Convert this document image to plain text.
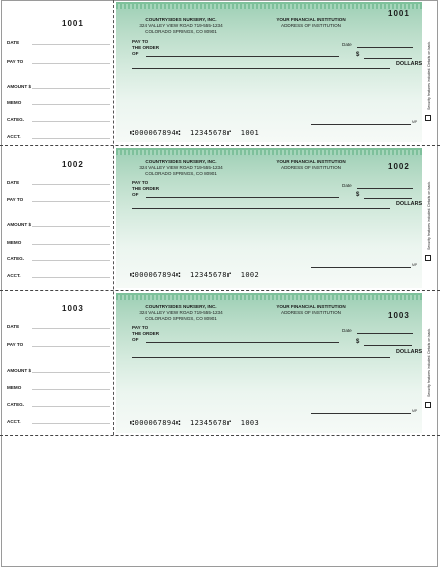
1001
DATE
PAY TO
AMOUNT $
MEMO
CATEG.
ACCT.
COUNTRYSIDES NURSERY, INC.
324 VALLEY VIEW ROAD 719-555-1234
COLORADO SPRINGS, CO 80901
YOUR FINANCIAL INSTITUTION
ADDRESS OF INSTITUTION
1001
Date
PAY TO
THE ORDER
OF	$
DOLLARS
MP
⑆000067894⑆  12345678⑈  1001
Security features included. Details on back.
1002
DATE
PAY TO
AMOUNT $
MEMO
CATEG.
ACCT.
COUNTRYSIDES NURSERY, INC.
324 VALLEY VIEW ROAD 719-555-1234
COLORADO SPRINGS, CO 80901
YOUR FINANCIAL INSTITUTION
ADDRESS OF INSTITUTION	1002
Date
PAY TO
THE ORDER
OF	$
DOLLARS
MP
⑆000067894⑆  12345678⑈  1002
Security features included. Details on back.
1003
DATE
PAY TO
AMOUNT $
MEMO
CATEG.
ACCT.
COUNTRYSIDES NURSERY, INC.
324 VALLEY VIEW ROAD 719-555-1234
COLORADO SPRINGS, CO 80901
YOUR FINANCIAL INSTITUTION
ADDRESS OF INSTITUTION	1003
Date
PAY TO
THE ORDER
OF	$
DOLLARS
MP
⑆000067894⑆  12345678⑈  1003
Security features included. Details on back.
